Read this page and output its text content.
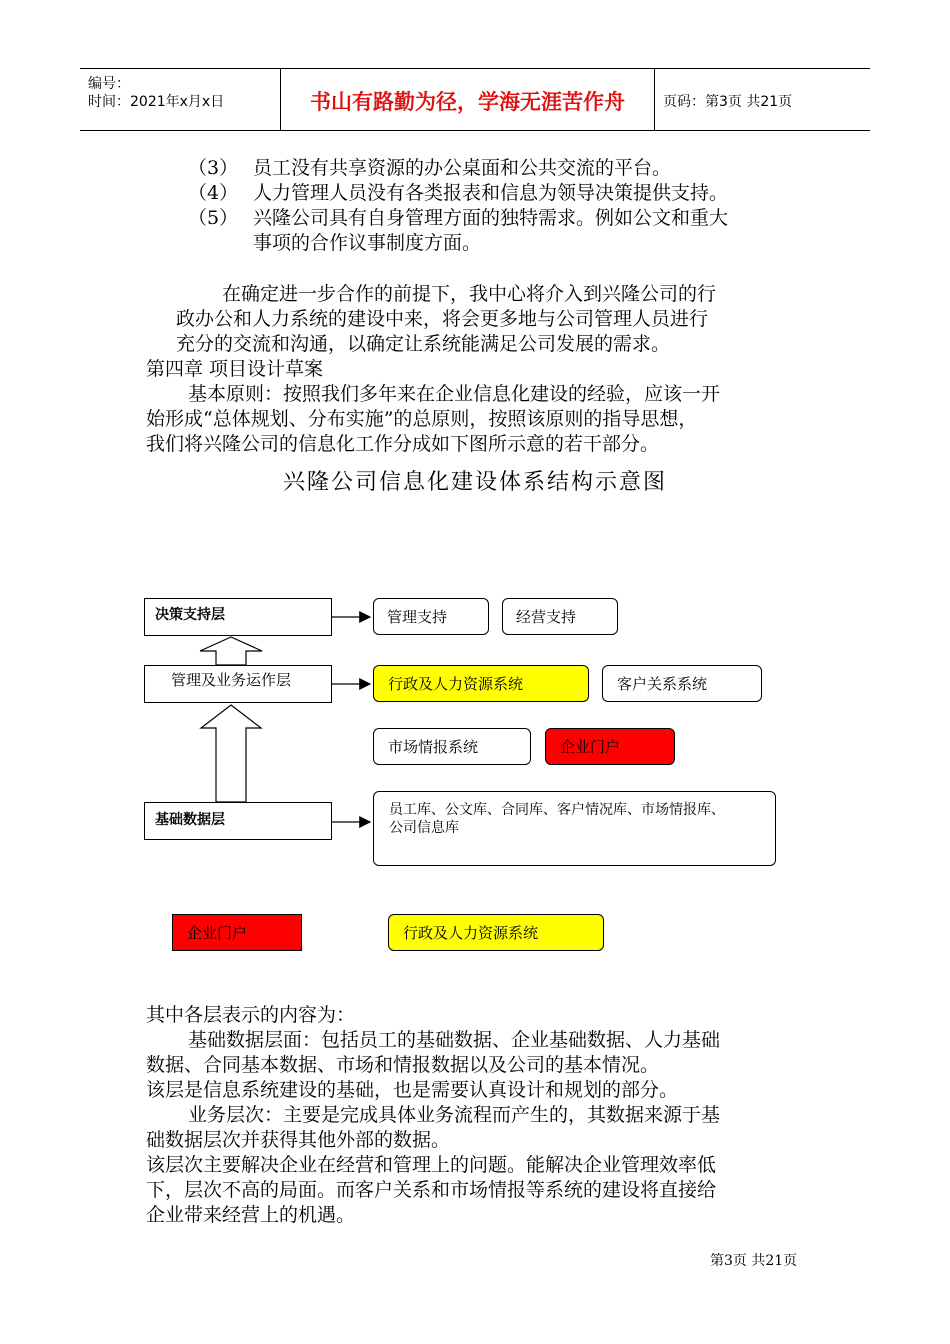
编号：
时间：2021年x月x日	书山有路勤为径，学海无涯苦作舟	页码：第3页 共21页
（3） 员工没有共享资源的办公桌面和公共交流的平台。
（4） 人力管理人员没有各类报表和信息为领导决策提供支持。
（5） 兴隆公司具有自身管理方面的独特需求。例如公文和重大
事项的合作议事制度方面。
在确定进一步合作的前提下，我中心将介入到兴隆公司的行
政办公和人力系统的建设中来，将会更多地与公司管理人员进行
充分的交流和沟通，以确定让系统能满足公司发展的需求。
第四章 项目设计草案
基本原则：按照我们多年来在企业信息化建设的经验，应该一开
始形成“总体规划、分布实施”的总原则，按照该原则的指导思想，
我们将兴隆公司的信息化工作分成如下图所示意的若干部分。
兴隆公司信息化建设体系结构示意图
决策支持层
管理及业务运作层
基础数据层
管理支持	经营支持
行政及人力资源系统	客户关系系统
市场情报系统	企业门户
员工库、公文库、合同库、客户情况库、市场情报库、
公司信息库
企业门户	行政及人力资源系统
其中各层表示的内容为：
基础数据层面：包括员工的基础数据、企业基础数据、人力基础
数据、合同基本数据、市场和情报数据以及公司的基本情况。
该层是信息系统建设的基础，也是需要认真设计和规划的部分。
业务层次：主要是完成具体业务流程而产生的，其数据来源于基
础数据层次并获得其他外部的数据。
该层次主要解决企业在经营和管理上的问题。能解决企业管理效率低
下，层次不高的局面。而客户关系和市场情报等系统的建设将直接给
企业带来经营上的机遇。
第3页 共21页
